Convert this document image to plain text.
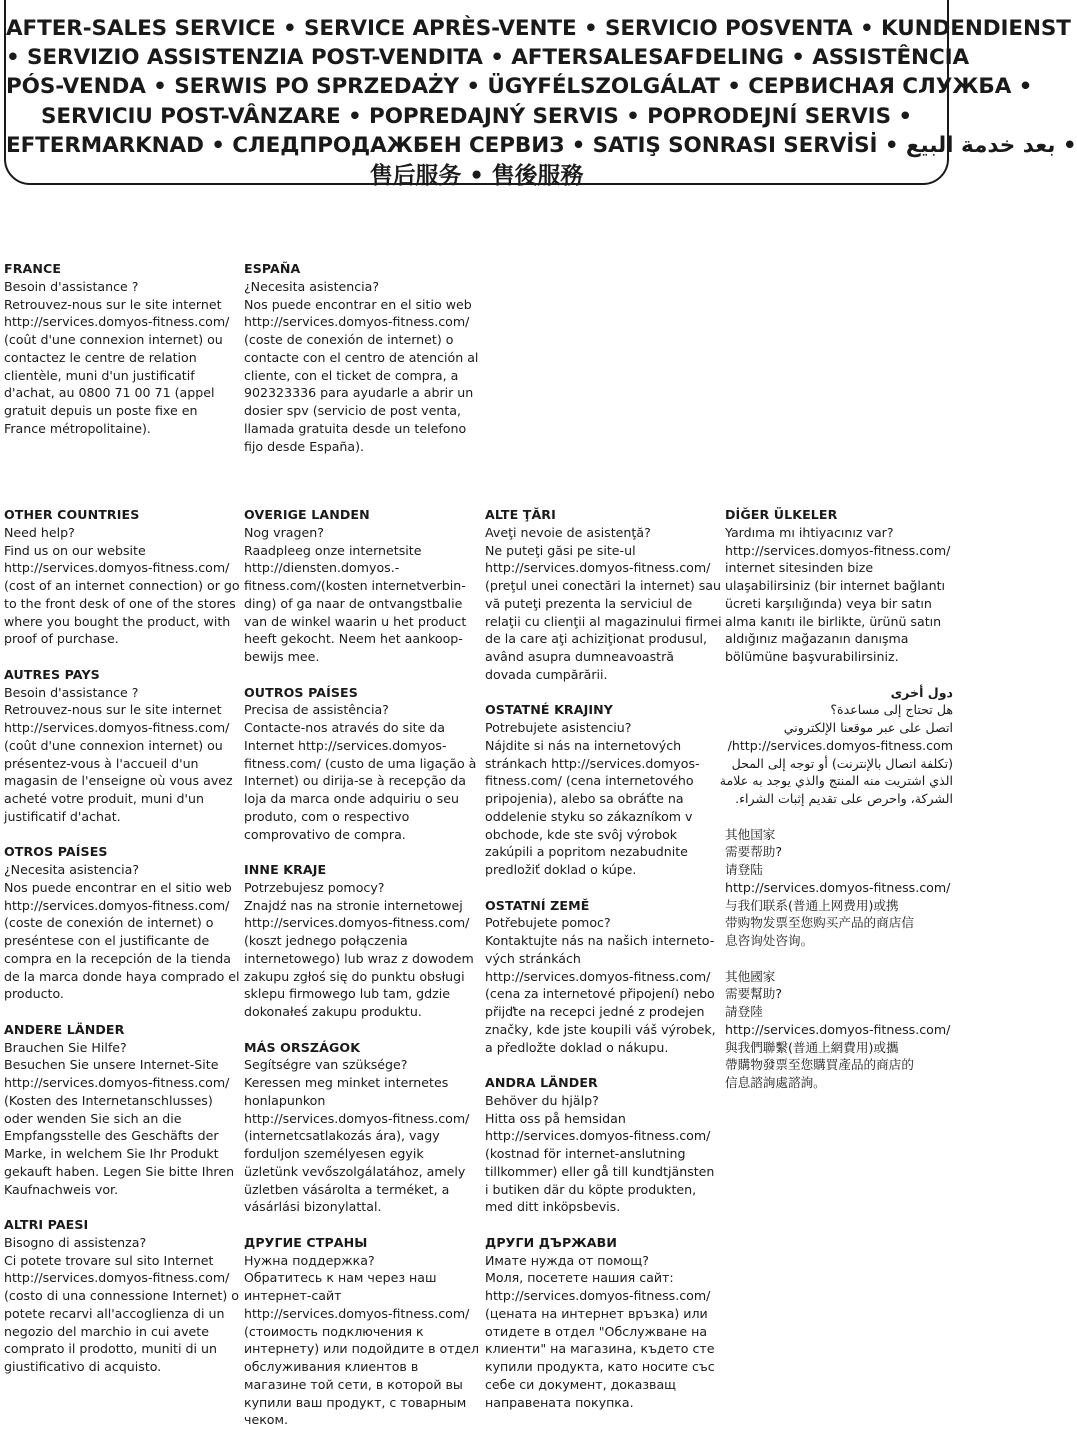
AFTER-SALES SERVICE • SERVICE APRÈS-VENTE • SERVICIO POSVENTA • KUNDENDIENST
• SERVIZIO ASSISTENZIA POST-VENDITA • AFTERSALESAFDELING • ASSISTÊNCIA
PÓS-VENDA • SERWIS PO SPRZEDAŻY • ÜGYFÉLSZOLGÁLAT • СЕРВИСНАЯ СЛУЖБА •
SERVICIU POST-VÂNZARE • POPREDAJNÝ SERVIS • POPRODEJNÍ SERVIS •
EFTERMARKNAD • СЛЕДПРОДАЖБЕН СЕРВИЗ • SATIŞ SONRASI SERVİSİ • بعد خدمة البيع •
售后服务 • 售後服務
FRANCE
Besoin d'assistance ?
Retrouvez-nous sur le site internet
http://services.domyos-fitness.com/
(coût d'une connexion internet) ou
contactez le centre de relation
clientèle, muni d'un justificatif
d'achat, au 0800 71 00 71 (appel
gratuit depuis un poste fixe en
France métropolitaine).
ESPAÑA
¿Necesita asistencia?
Nos puede encontrar en el sitio web
http://services.domyos-fitness.com/
(coste de conexión de internet) o
contacte con el centro de atención al
cliente, con el ticket de compra, a
902323336 para ayudarle a abrir un
dosier spv (servicio de post venta,
llamada gratuita desde un telefono
fijo desde España).
OTHER COUNTRIES
Need help?
Find us on our website
http://services.domyos-fitness.com/
(cost of an internet connection) or go
to the front desk of one of the stores
where you bought the product, with
proof of purchase.
AUTRES PAYS
Besoin d'assistance ?
Retrouvez-nous sur le site internet
http://services.domyos-fitness.com/
(coût d'une connexion internet) ou
présentez-vous à l'accueil d'un
magasin de l'enseigne où vous avez
acheté votre produit, muni d'un
justificatif d'achat.
OTROS PAÍSES
¿Necesita asistencia?
Nos puede encontrar en el sitio web
http://services.domyos-fitness.com/
(coste de conexión de internet) o
preséntese con el justificante de
compra en la recepción de la tienda
de la marca donde haya comprado el
producto.
ANDERE LÄNDER
Brauchen Sie Hilfe?
Besuchen Sie unsere Internet-Site
http://services.domyos-fitness.com/
(Kosten des Internetanschlusses)
oder wenden Sie sich an die
Empfangsstelle des Geschäfts der
Marke, in welchem Sie Ihr Produkt
gekauft haben. Legen Sie bitte Ihren
Kaufnachweis vor.
ALTRI PAESI
Bisogno di assistenza?
Ci potete trovare sul sito Internet
http://services.domyos-fitness.com/
(costo di una connessione Internet) o
potete recarvi all'accoglienza di un
negozio del marchio in cui avete
comprato il prodotto, muniti di un
giustificativo di acquisto.
OVERIGE LANDEN
Nog vragen?
Raadpleeg onze internetsite
http://diensten.domyos.-
fitness.com/(kosten internetverbin-
ding) of ga naar de ontvangstbalie
van de winkel waarin u het product
heeft gekocht. Neem het aankoop-
bewijs mee.
OUTROS PAÍSES
Precisa de assistência?
Contacte-nos através do site da
Internet http://services.domyos-
fitness.com/ (custo de uma ligação à
Internet) ou dirija-se à recepção da
loja da marca onde adquiriu o seu
produto, com o respectivo
comprovativo de compra.
INNE KRAJE
Potrzebujesz pomocy?
Znajdź nas na stronie internetowej
http://services.domyos-fitness.com/
(koszt jednego połączenia
internetowego) lub wraz z dowodem
zakupu zgłoś się do punktu obsługi
sklepu firmowego lub tam, gdzie
dokonałeś zakupu produktu.
MÁS ORSZÁGOK
Segítségre van szüksége?
Keressen meg minket internetes
honlapunkon
http://services.domyos-fitness.com/
(internetcsatlakozás ára), vagy
forduljon személyesen egyik
üzletünk vevőszolgálatához, amely
üzletben vásárolta a terméket, a
vásárlási bizonylattal.
ДРУГИЕ СТРАНЫ
Нужна поддержка?
Обратитесь к нам через наш
интернет-сайт
http://services.domyos-fitness.com/
(стоимость подключения к
интернету) или подойдите в отдел
обслуживания клиентов в
магазине той сети, в которой вы
купили ваш продукт, с товарным
чеком.
ALTE ŢĂRI
Aveţi nevoie de asistenţă?
Ne puteţi găsi pe site-ul
http://services.domyos-fitness.com/
(preţul unei conectări la internet) sau
vă puteţi prezenta la serviciul de
relaţii cu clienţii al magazinului firmei
de la care aţi achiziţionat produsul,
având asupra dumneavoastră
dovada cumpărării.
OSTATNÉ KRAJINY
Potrebujete asistenciu?
Nájdite si nás na internetových
stránkach http://services.domyos-
fitness.com/ (cena internetového
pripojenia), alebo sa obráťte na
oddelenie styku so zákazníkom v
obchode, kde ste svôj výrobok
zakúpili a popritom nezabudnite
predložiť doklad o kúpe.
OSTATNÍ ZEMĚ
Potřebujete pomoc?
Kontaktujte nás na našich interneto-
vých stránkách
http://services.domyos-fitness.com/
(cena za internetové připojení) nebo
přijďte na recepci jedné z prodejen
značky, kde jste koupili váš výrobek,
a předložte doklad o nákupu.
ANDRA LÄNDER
Behöver du hjälp?
Hitta oss på hemsidan
http://services.domyos-fitness.com/
(kostnad för internet-anslutning
tillkommer) eller gå till kundtjänsten
i butiken där du köpte produkten,
med ditt inköpsbevis.
ДРУГИ ДЪРЖАВИ
Имате нужда от помощ?
Моля, посетете нашия сайт:
http://services.domyos-fitness.com/
(цената на интернет връзка) или
отидете в отдел "Обслужване на
клиенти" на магазина, където сте
купили продукта, като носите със
себе си документ, доказващ
направената покупка.
DİĞER ÜLKELER
Yardıma mı ihtiyacınız var?
http://services.domyos-fitness.com/
internet sitesinden bize
ulaşabilirsiniz (bir internet bağlantı
ücreti karşılığında) veya bir satın
alma kanıtı ile birlikte, ürünü satın
aldığınız mağazanın danışma
bölümüne başvurabilirsiniz.
دول أخرى
هل تحتاج إلى مساعدة؟
اتصل على عبر موقعنا الإلكتروني
http://services.domyos-fitness.com/
(تكلفة اتصال بالإنترنت) أو توجه إلى المحل
الذي اشتريت منه المنتج والذي يوجد به علامة
الشركة، واحرص على تقديم إثبات الشراء.
其他国家
需要帮助?
请登陆
http://services.domyos-fitness.com/
与我们联系(普通上网费用)或携
带购物发票至您购买产品的商店信
息咨询处咨询。
其他國家
需要幫助?
請登陸
http://services.domyos-fitness.com/
與我們聯繫(普通上網費用)或攜
帶購物發票至您購買產品的商店的
信息諮詢處諮詢。
